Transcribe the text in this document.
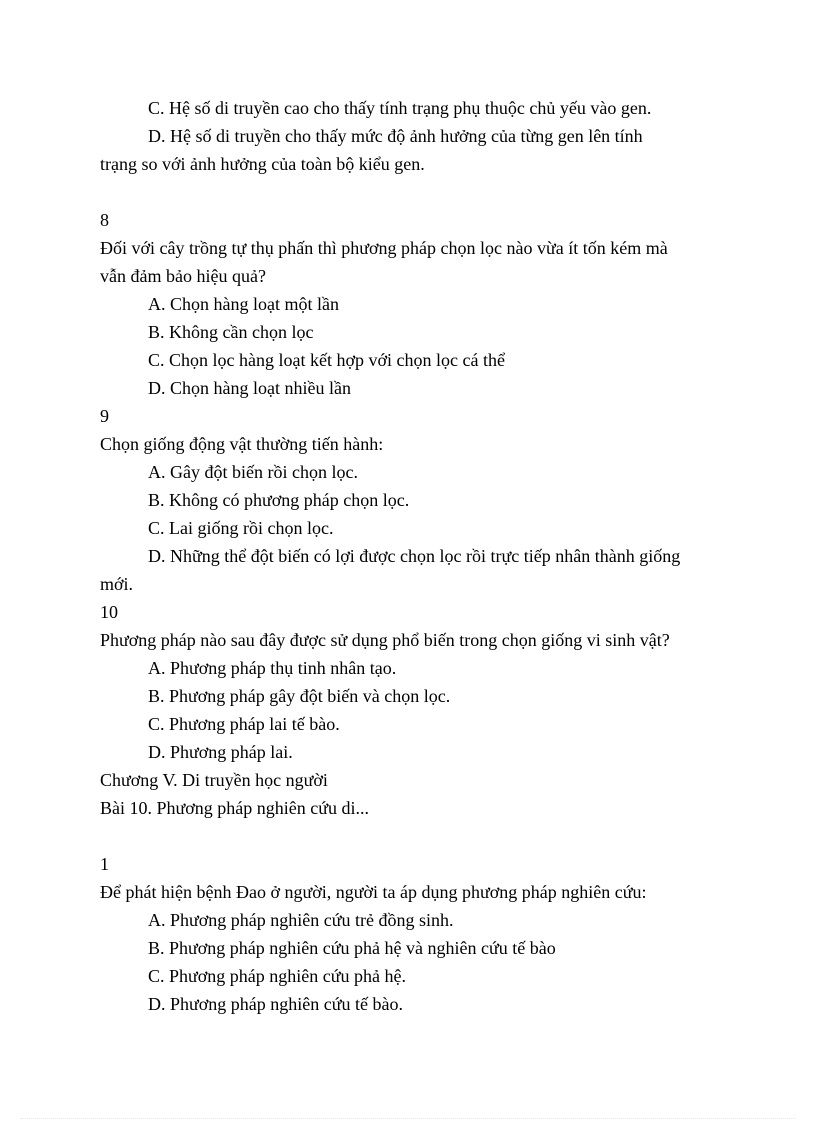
C. Hệ số di truyền cao cho thấy tính trạng phụ thuộc chủ yếu vào gen.

D. Hệ số di truyền cho thấy mức độ ảnh hưởng của từng gen lên tính

trạng so với ảnh hưởng của toàn bộ kiểu gen.

8

Đối với cây trồng tự thụ phấn thì phương pháp chọn lọc nào vừa ít tốn kém mà

vẫn đảm bảo hiệu quả?

A. Chọn hàng loạt một lần

B. Không cần chọn lọc

C. Chọn lọc hàng loạt kết hợp với chọn lọc cá thể

D. Chọn hàng loạt nhiều lần

9

Chọn giống động vật thường tiến hành:

A. Gây đột biến rồi chọn lọc.

B. Không có phương pháp chọn lọc.

C. Lai giống rồi chọn lọc.

D. Những thể đột biến có lợi được chọn lọc rồi trực tiếp nhân thành giống

mới.

10

Phương pháp nào sau đây được sử dụng phổ biến trong chọn giống vi sinh vật?

A. Phương pháp thụ tinh nhân tạo.

B. Phương pháp gây đột biến và chọn lọc.

C. Phương pháp lai tế bào.

D. Phương pháp lai.

Chương V. Di truyền học người

Bài 10. Phương pháp nghiên cứu di...

1

Để phát hiện bệnh Đao ở người, người ta áp dụng phương pháp nghiên cứu:

A. Phương pháp nghiên cứu trẻ đồng sinh.

B. Phương pháp nghiên cứu phả hệ và nghiên cứu tế bào

C. Phương pháp nghiên cứu phả hệ.

D. Phương pháp nghiên cứu tế bào.
